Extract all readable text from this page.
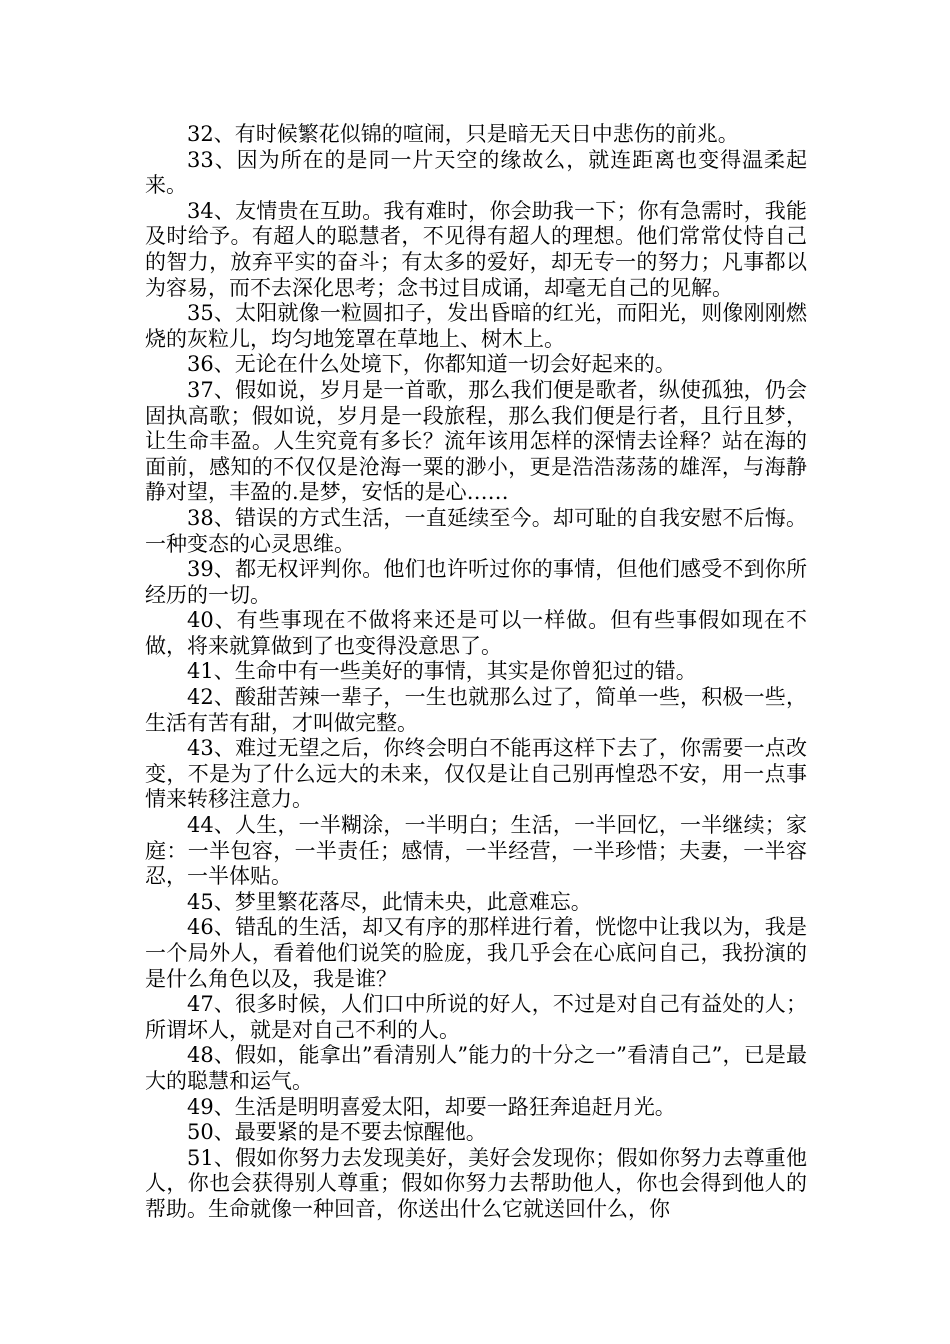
32、有时候繁花似锦的喧闹，只是暗无天日中悲伤的前兆。

33、因为所在的是同一片天空的缘故么，就连距离也变得温柔起来。

34、友情贵在互助。我有难时，你会助我一下；你有急需时，我能及时给予。有超人的聪慧者，不见得有超人的理想。他们常常仗恃自己的智力，放弃平实的奋斗；有太多的爱好，却无专一的努力；凡事都以为容易，而不去深化思考；念书过目成诵，却毫无自己的见解。

35、太阳就像一粒圆扣子，发出昏暗的红光，而阳光，则像刚刚燃烧的灰粒儿，均匀地笼罩在草地上、树木上。

36、无论在什么处境下，你都知道一切会好起来的。

37、假如说，岁月是一首歌，那么我们便是歌者，纵使孤独，仍会固执高歌；假如说，岁月是一段旅程，那么我们便是行者，且行且梦，让生命丰盈。人生究竟有多长？流年该用怎样的深情去诠释？站在海的面前，感知的不仅仅是沧海一粟的渺小，更是浩浩荡荡的雄浑，与海静静对望，丰盈的.是梦，安恬的是心……

38、错误的方式生活，一直延续至今。却可耻的自我安慰不后悔。一种变态的心灵思维。

39、都无权评判你。他们也许听过你的事情，但他们感受不到你所经历的一切。

40、有些事现在不做将来还是可以一样做。但有些事假如现在不做，将来就算做到了也变得没意思了。

41、生命中有一些美好的事情，其实是你曾犯过的错。

42、酸甜苦辣一辈子，一生也就那么过了，简单一些，积极一些，生活有苦有甜，才叫做完整。

43、难过无望之后，你终会明白不能再这样下去了，你需要一点改变，不是为了什么远大的未来，仅仅是让自己别再惶恐不安，用一点事情来转移注意力。

44、人生，一半糊涂，一半明白；生活，一半回忆，一半继续；家庭：一半包容，一半责任；感情，一半经营，一半珍惜；夫妻，一半容忍，一半体贴。

45、梦里繁花落尽，此情未央，此意难忘。

46、错乱的生活，却又有序的那样进行着，恍惚中让我以为，我是一个局外人，看着他们说笑的脸庞，我几乎会在心底问自己，我扮演的是什么角色以及，我是谁？

47、很多时候，人们口中所说的好人，不过是对自己有益处的人；所谓坏人，就是对自己不利的人。

48、假如，能拿出”看清别人”能力的十分之一”看清自己”，已是最大的聪慧和运气。

49、生活是明明喜爱太阳，却要一路狂奔追赶月光。

50、最要紧的是不要去惊醒他。

51、假如你努力去发现美好，美好会发现你；假如你努力去尊重他人，你也会获得别人尊重；假如你努力去帮助他人，你也会得到他人的帮助。生命就像一种回音，你送出什么它就送回什么，你
